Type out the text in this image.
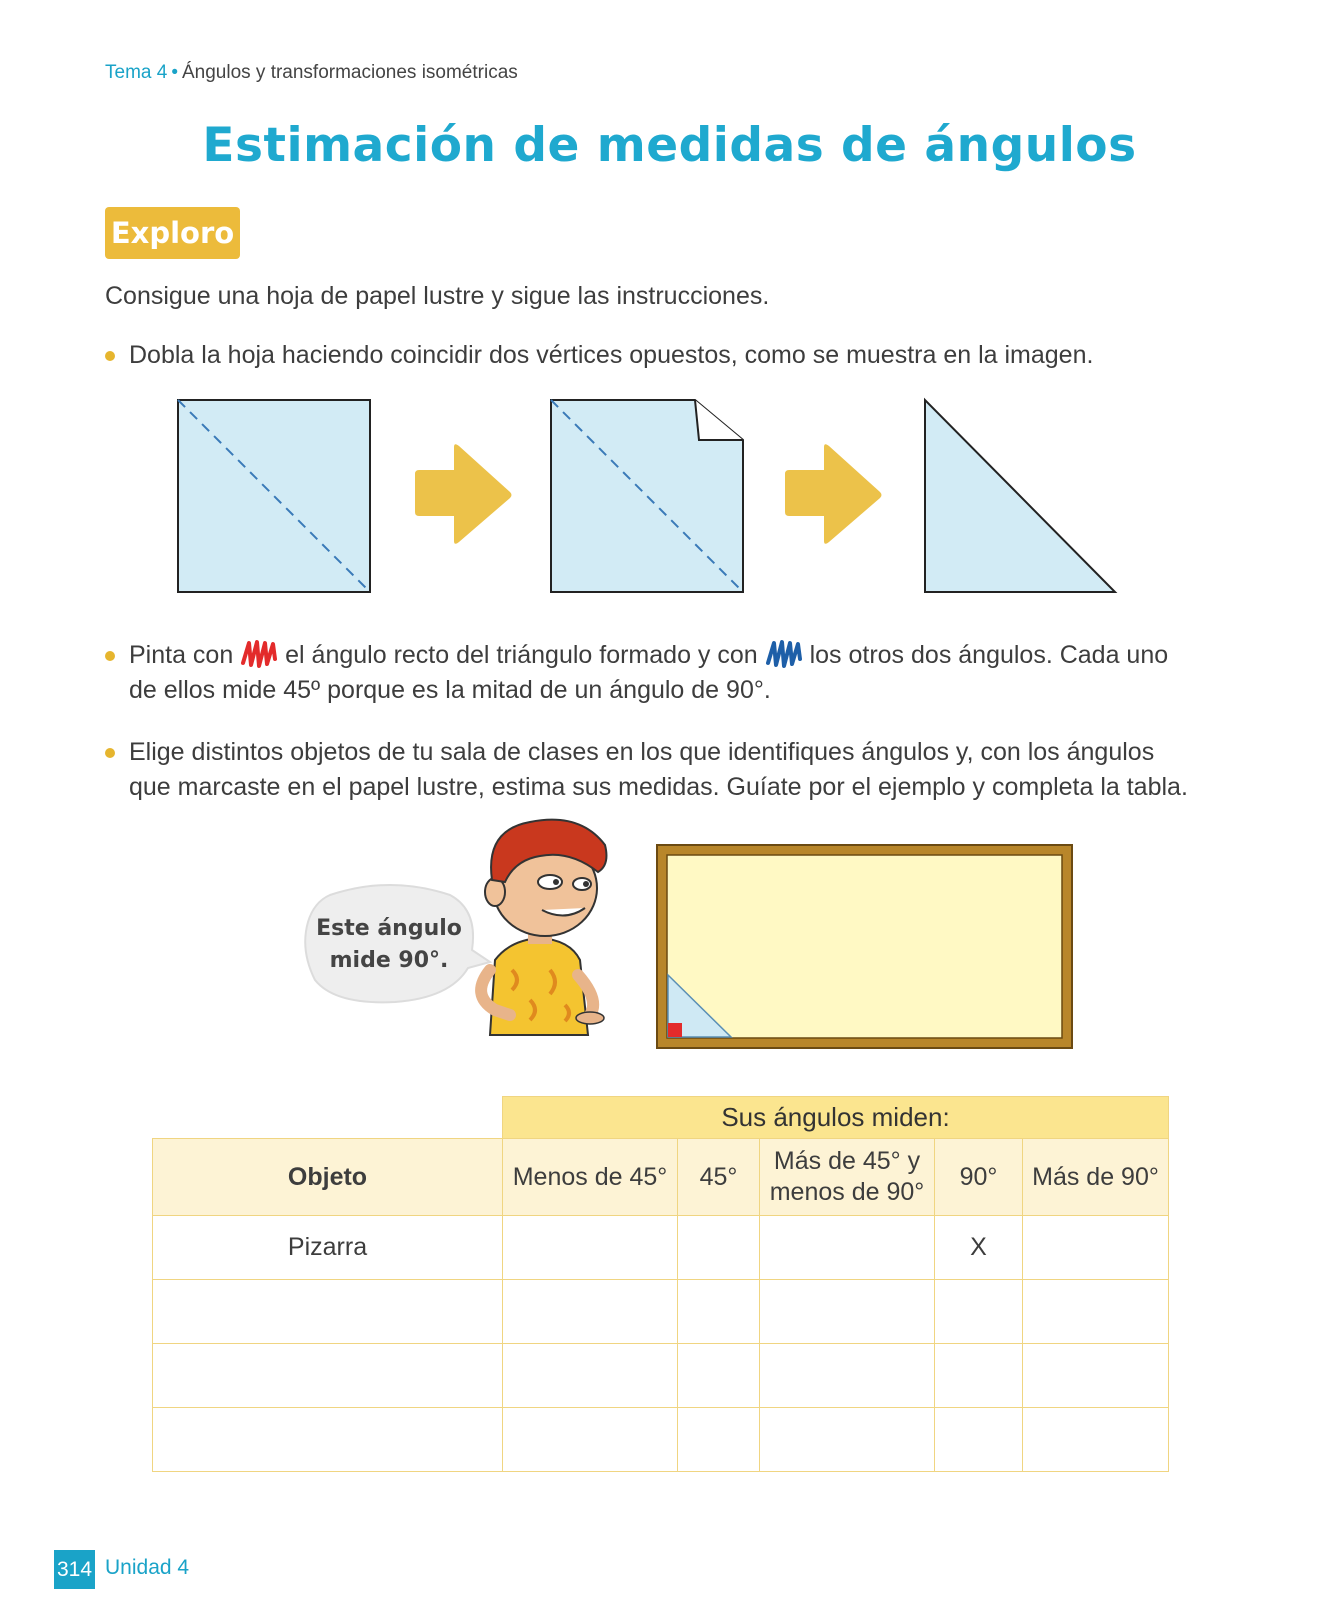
Tema 4 • Ángulos y transformaciones isométricas
Estimación de medidas de ángulos
Exploro
Consigue una hoja de papel lustre y sigue las instrucciones.
Dobla la hoja haciendo coincidir dos vértices opuestos, como se muestra en la imagen.
Pinta con el ángulo recto del triángulo formado y con los otros dos ángulos. Cada uno de ellos mide 45º porque es la mitad de un ángulo de 90°.
Elige distintos objetos de tu sala de clases en los que identifiques ángulos y, con los ángulos que marcaste en el papel lustre, estima sus medidas. Guíate por el ejemplo y completa la tabla.
Este ángulo
mide 90°.
	Sus ángulos miden:				
Objeto	Menos de 45°	45°	Más de 45° y menos de 90°	90°	Más de 90°
Pizarra				X	

314 Unidad 4
